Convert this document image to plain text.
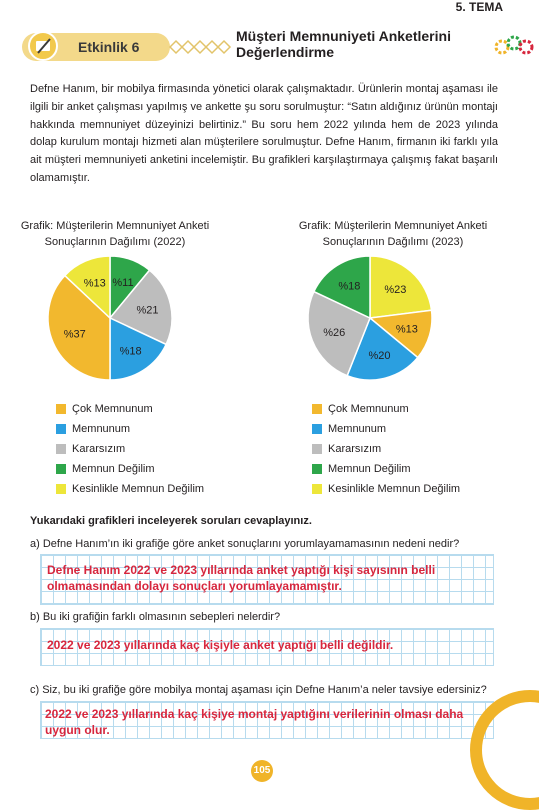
5. TEMA
Etkinlik 6
Müşteri Memnuniyeti Anketlerini
Değerlendirme
Defne Hanım, bir mobilya firmasında yönetici olarak çalışmaktadır. Ürünlerin montaj aşaması ile ilgili bir anket çalışması yapılmış ve ankette şu soru sorulmuştur: “Satın aldığınız ürünün montajı hakkında memnuniyet düzeyinizi belirtiniz.” Bu soru hem 2022 yılında hem de 2023 yılında dolap kurulum montajı hizmeti alan müşterilere sorulmuştur. Defne Hanım, firmanın iki farklı yıla ait müşteri memnuniyeti anketini incelemiştir. Bu grafikleri karşılaştırmaya çalışmış fakat başarılı olamamıştır.
Grafik: Müşterilerin Memnuniyet Anketi
Sonuçlarının Dağılımı (2022)
%11
%21
%18
%37
%13
Grafik: Müşterilerin Memnuniyet Anketi
Sonuçlarının Dağılımı (2023)
%23
%13
%20
%26
%18
Çok Memnunum
Memnunum
Kararsızım
Memnun Değilim
Kesinlikle Memnun Değilim
Çok Memnunum
Memnunum
Kararsızım
Memnun Değilim
Kesinlikle Memnun Değilim
Yukarıdaki grafikleri inceleyerek soruları cevaplayınız.
a) Defne Hanım’ın iki grafiğe göre anket sonuçlarını yorumlayamamasının nedeni nedir?
Defne Hanım 2022 ve 2023 yıllarında anket yaptığı kişi sayısının belli olmamasından dolayı sonuçları yorumlayamamıştır.
b) Bu iki grafiğin farklı olmasının sebepleri nelerdir?
2022 ve 2023 yıllarında kaç kişiyle anket yaptığı belli değildir.
c) Siz, bu iki grafiğe göre mobilya montaj aşaması için Defne Hanım’a neler tavsiye edersiniz?
2022 ve 2023 yıllarında kaç kişiye montaj yaptığını verilerinin olması daha uygun olur.
105
